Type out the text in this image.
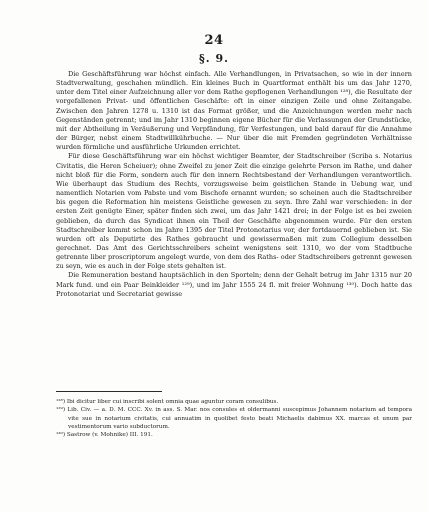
24
§. 9.

Die Geschäftsführung war höchst einfach. Alle Verhandlungen, in Privatsachen, so wie in der innern Stadtverwaltung, geschahen mündlich. Ein kleines Buch in Quartformat enthält bis um das Jahr 1270, unter dem Titel einer Aufzeichnung aller vor dem Rathe gepflogenen Verhandlungen ¹²⁸), die Resultate der vorgefallenen Privat- und öffentlichen Geschäfte: oft in einer einzigen Zeile und ohne Zeitangabe. Zwischen den Jahren 1278 u. 1310 ist das Format größer, und die Anzeichnungen werden mehr nach Gegenständen getrennt; und im Jahr 1310 beginnen eigene Bücher für die Verlassungen der Grundstücke, mit der Abtheilung in Veräußerung und Verpfändung, für Verfestungen, und bald darauf für die Annahme der Bürger, nebst einem Stadtwillkührbuche. — Nur über die mit Fremden gegründeten Verhältnisse wurden förmliche und ausführliche Urkunden errichtet.

Für diese Geschäftsführung war ein höchst wichtiger Beamter, der Stadtschreiber (Scriba s. Notarius Civitatis, die Heren Scheiuer); ohne Zweifel zu jener Zeit die einzige gelehrte Person im Rathe, und daher nicht bloß für die Form, sondern auch für den innern Rechtsbestand der Verhandlungen verantwortlich. Wie überhaupt das Studium des Rechts, vorzugsweise beim geistlichen Stande in Uebung war, und namentlich Notarien vom Pabste und vom Bischofe ernannt wurden; so scheinen auch die Stadtschreiber bis gegen die Reformation hin meistens Geistliche gewesen zu seyn. Ihre Zahl war verschieden: in der ersten Zeit genügte Einer, später finden sich zwei, um das Jahr 1421 drei; in der Folge ist es bei zweien geblieben, da durch das Syndicat ihnen ein Theil der Geschäfte abgenommen wurde. Für den ersten Stadtschreiber kommt schon im Jahre 1395 der Titel Protonotarius vor, der fortdauernd geblieben ist. Sie wurden oft als Deputirte des Rathes gebraucht und gewissermaßen mit zum Collegium desselben gerechnet. Das Amt des Gerichtsschreibers scheint wenigstens seit 1310, wo der vom Stadtbuche getrennte liber proscriptorum angelegt wurde, von dem des Raths- oder Stadtschreibers getrennt gewesen zu seyn, wie es auch in der Folge stets gehalten ist.

Die Remuneration bestand hauptsächlich in den Sporteln; denn der Gehalt betrug im Jahr 1315 nur 20 Mark fund. und ein Paar Beinkleider ¹²⁹), und im Jahr 1555 24 fl. mit freier Wohnung ¹³⁰). Doch hatte das Protonotariat und Secretariat gewisse

¹²⁸) Ibi dicitur liber cui inscribi solent omnia quae aguntur coram consulibus.

¹²⁹) Lib. Civ. — a. D. M. CCC. Xv. in ass. S. Mar. nos consules et oldermanni suscepimus Johannem notarium ad tempora vite sue in notarium civitatis, cui annuatim in quolibet festo beati Michaelis dabimus XX. marcas et unum par vestimentorum vario subductorum.

¹³⁰) Sastrow (v. Mohnike) III. 191.
